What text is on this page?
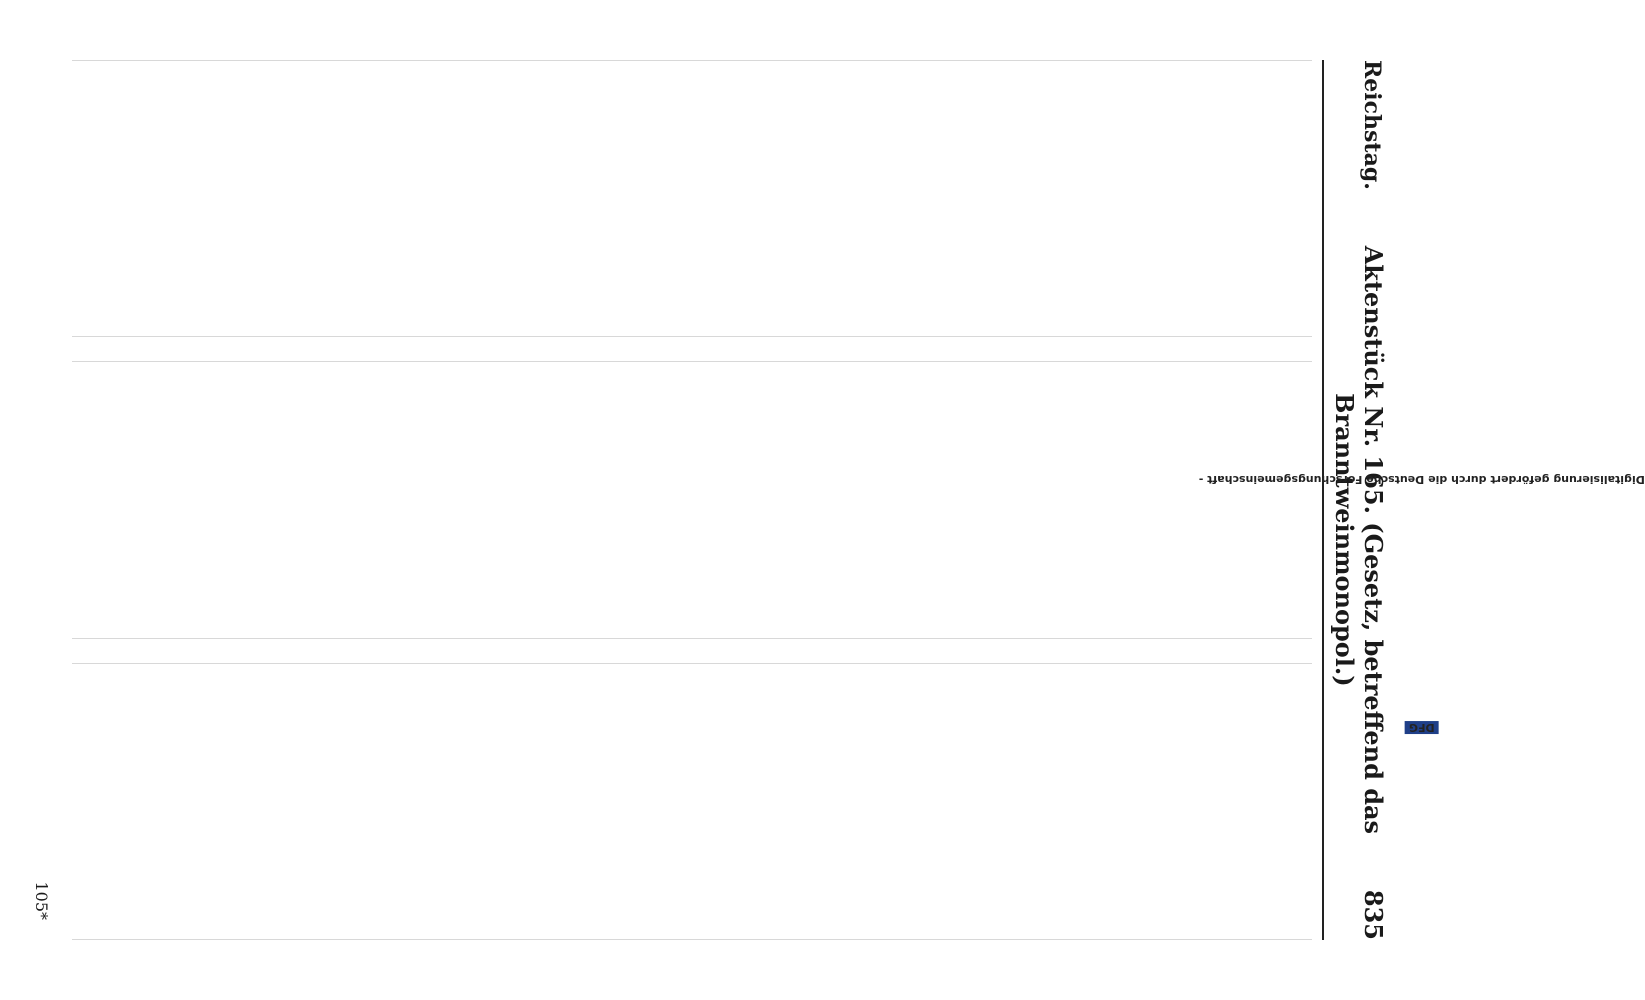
Reichstag.
Aktenstück Nr. 165. (Gesetz, betreffend das Branntweinmonopol.)
835
105*
Digitalisierung gefördert durch die Deutsche Forschungsgemeinschaft - DFG
